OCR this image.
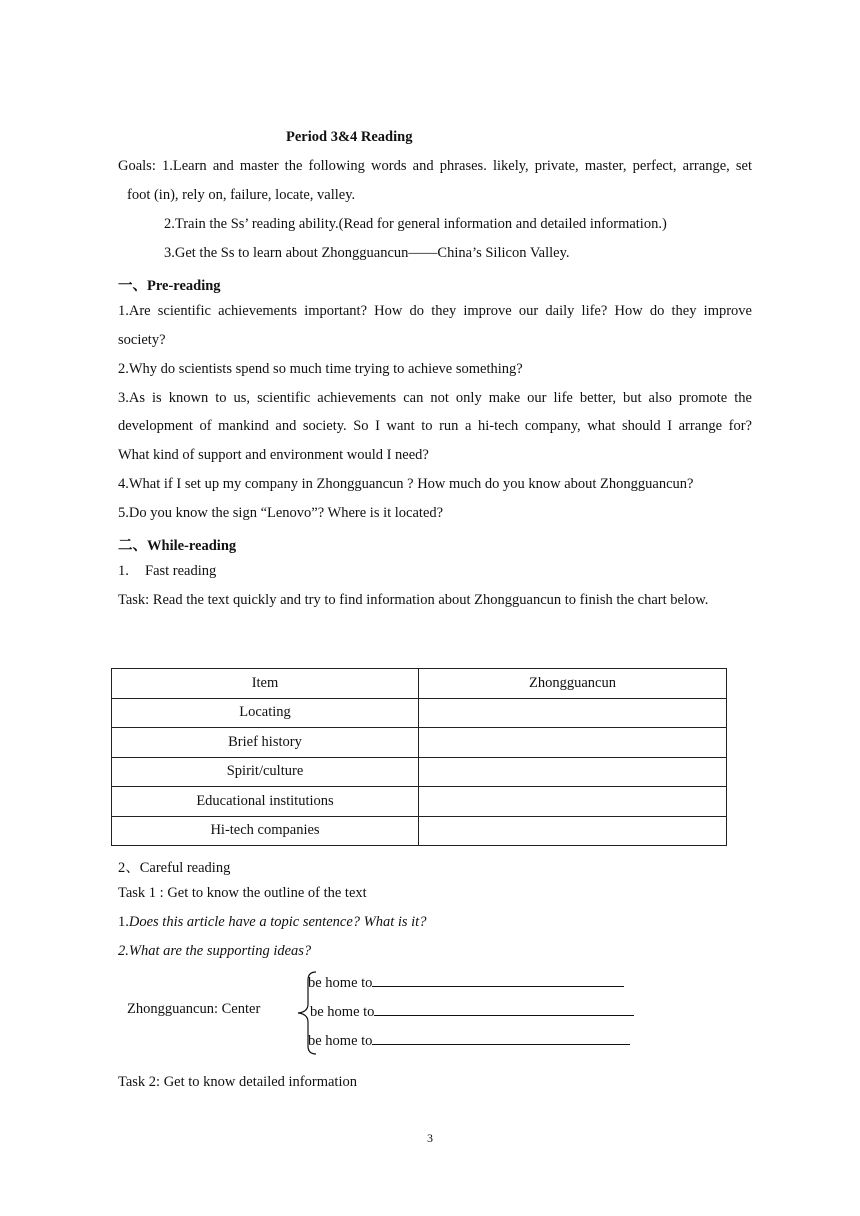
Period 3&4 Reading
Goals: 1.Learn and master the following words and phrases. likely, private, master, perfect, arrange, set
foot (in), rely on, failure, locate, valley.
2.Train the Ss’ reading ability.(Read for general information and detailed information.)
3.Get the Ss to learn about Zhongguancun——China’s Silicon Valley.
一、Pre-reading
1.Are scientific achievements important? How do they improve our daily life? How do they improve
society?
2.Why do scientists spend so much time trying to achieve something?
3.As is known to us, scientific achievements can not only make our life better, but also promote the
development of mankind and society. So I want to run a hi-tech company, what should I arrange for?
What kind of support and environment would I need?
4.What if I set up my company in Zhongguancun ? How much do you know about Zhongguancun?
5.Do you know the sign “Lenovo”? Where is it located?
二、While-reading
1. Fast reading
Task: Read the text quickly and try to find information about Zhongguancun to finish the chart below.
Item	Zhongguancun
Locating	
Brief history	
Spirit/culture	
Educational institutions	
Hi-tech companies	
2、Careful reading
Task 1 : Get to know the outline of the text
1.Does this article have a topic sentence? What is it?
2.What are the supporting ideas?
Zhongguancun: Center
be home to
be home to
be home to
Task 2: Get to know detailed information
3
